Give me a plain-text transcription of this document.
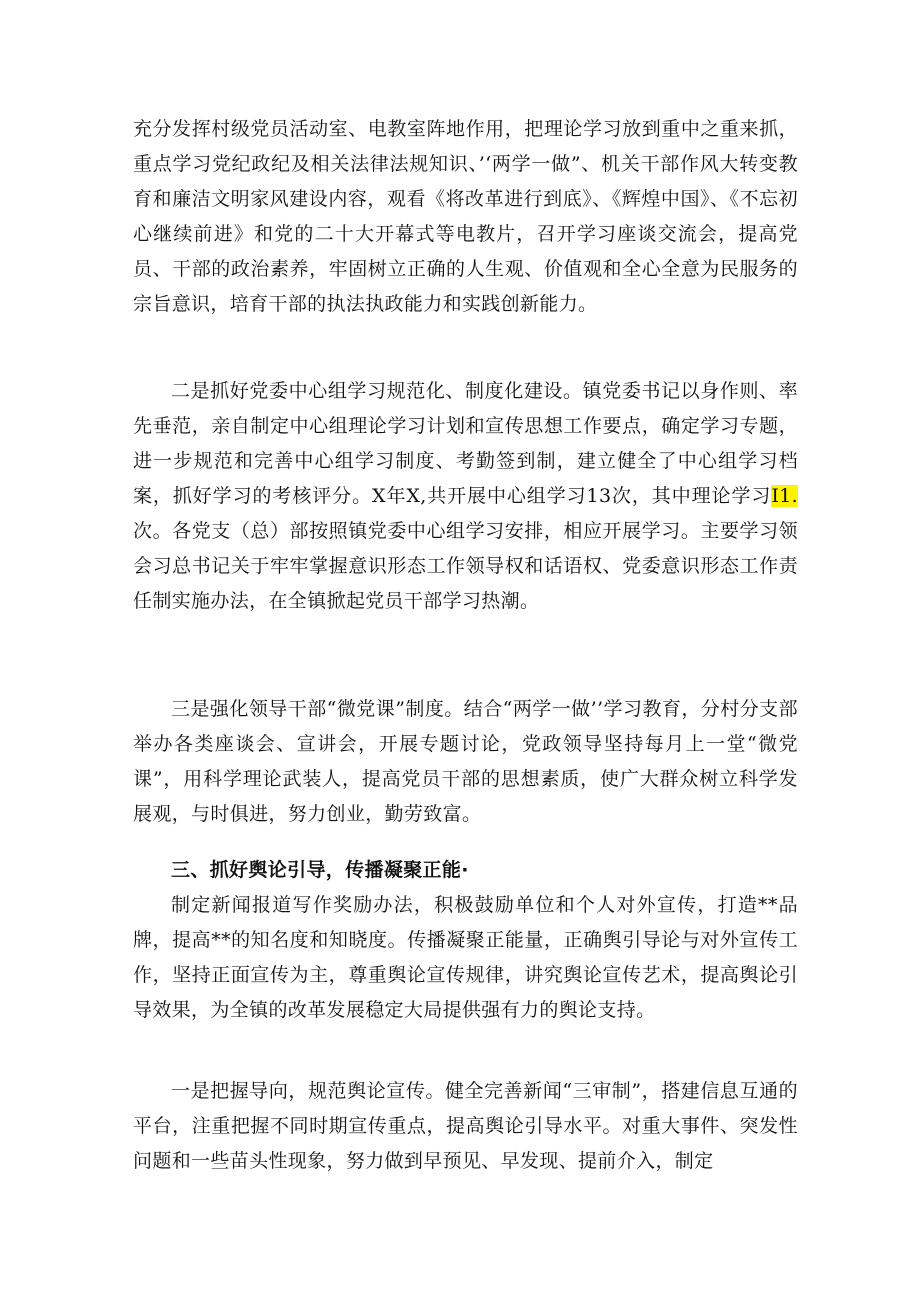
充分发挥村级党员活动室、电教室阵地作用，把理论学习放到重中之重来抓，重点学习党纪政纪及相关法律法规知识、’‘两学一做”、机关干部作风大转变教育和廉洁文明家风建设内容，观看《将改革进行到底》、《辉煌中国》、《不忘初心继续前进》和党的二十大开幕式等电教片，召开学习座谈交流会，提高党员、干部的政治素养，牢固树立正确的人生观、价值观和全心全意为民服务的宗旨意识，培育干部的执法执政能力和实践创新能力。

二是抓好党委中心组学习规范化、制度化建设。镇党委书记以身作则、率先垂范，亲自制定中心组理论学习计划和宣传思想工作要点，确定学习专题，进一步规范和完善中心组学习制度、考勤签到制，建立健全了中心组学习档案，抓好学习的考核评分。X年X,共开展中心组学习13次，其中理论学习I1.次。各党支（总）部按照镇党委中心组学习安排，相应开展学习。主要学习领会习总书记关于牢牢掌握意识形态工作领导权和话语权、党委意识形态工作责任制实施办法，在全镇掀起党员干部学习热潮。

三是强化领导干部“微党课”制度。结合“两学一做’’学习教育，分村分支部举办各类座谈会、宣讲会，开展专题讨论，党政领导坚持每月上一堂“微党课”，用科学理论武装人，提高党员干部的思想素质，使广大群众树立科学发展观，与时俱进，努力创业，勤劳致富。

三、抓好舆论引导，传播凝聚正能·

制定新闻报道写作奖励办法，积极鼓励单位和个人对外宣传，打造**品牌，提高**的知名度和知晓度。传播凝聚正能量，正确舆引导论与对外宣传工作，坚持正面宣传为主，尊重舆论宣传规律，讲究舆论宣传艺术，提高舆论引导效果，为全镇的改革发展稳定大局提供强有力的舆论支持。

一是把握导向，规范舆论宣传。健全完善新闻“三审制”，搭建信息互通的平台，注重把握不同时期宣传重点，提高舆论引导水平。对重大事件、突发性问题和一些苗头性现象，努力做到早预见、早发现、提前介入，制定
